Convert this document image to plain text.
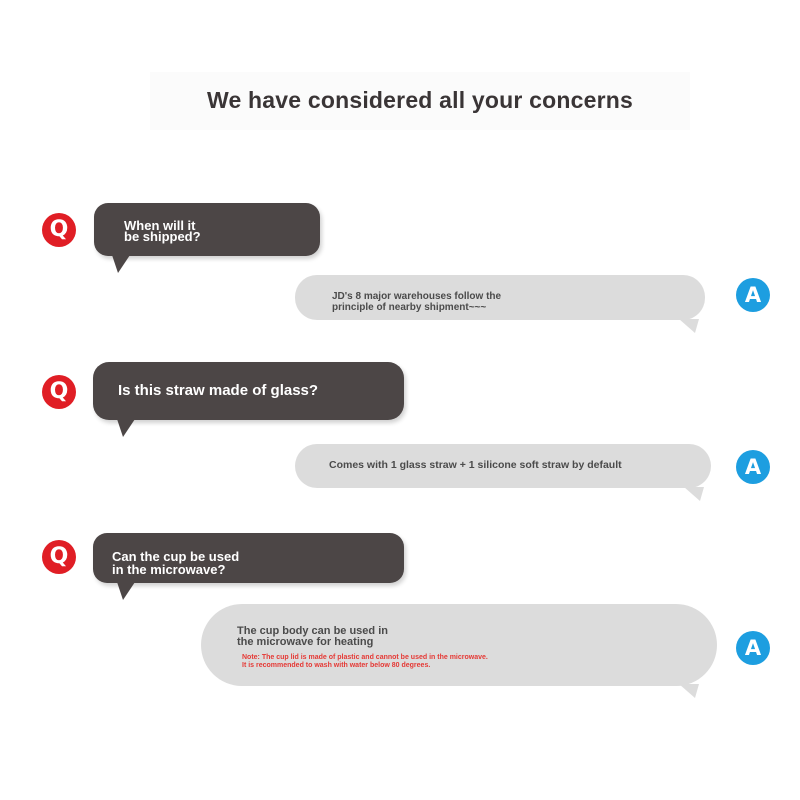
We have considered all your concerns
Q	When will it
be shipped?
JD's 8 major warehouses follow the
principle of nearby shipment~~~
A
Q	Is this straw made of glass?
Comes with 1 glass straw + 1 silicone soft straw by default	A
Q	Can the cup be used
in the microwave?
The cup body can be used in
the microwave for heating
Note: The cup lid is made of plastic and cannot be used in the microwave.
It is recommended to wash with water below 80 degrees.
A
